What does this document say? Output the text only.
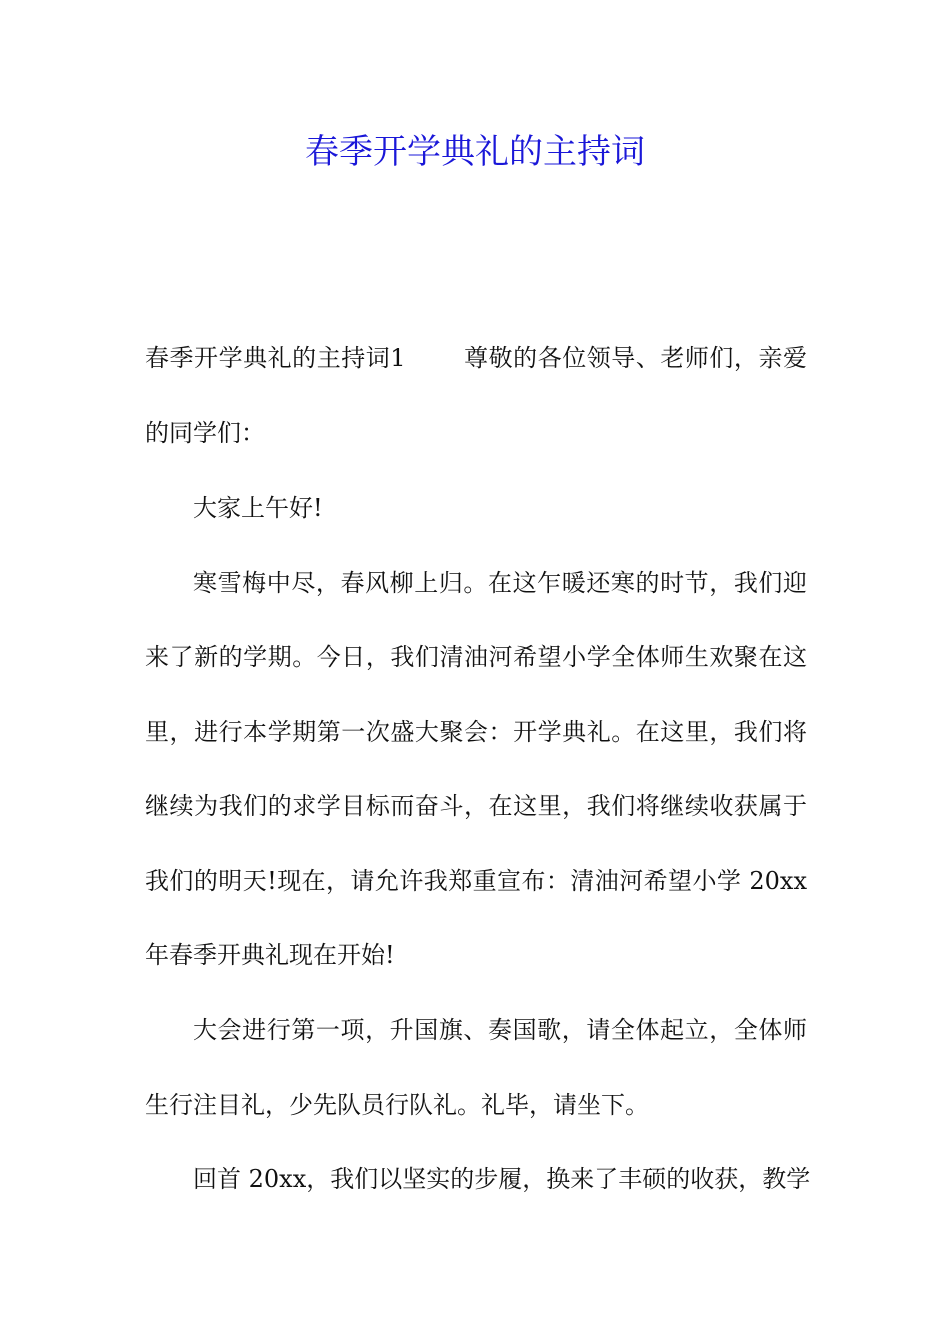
春季开学典礼的主持词
春季开学典礼的主持词1 尊敬的各位领导、老师们，亲爱
的同学们：
大家上午好!
寒雪梅中尽，春风柳上归。在这乍暖还寒的时节，我们迎
来了新的学期。今日，我们清油河希望小学全体师生欢聚在这
里，进行本学期第一次盛大聚会：开学典礼。在这里，我们将
继续为我们的求学目标而奋斗，在这里，我们将继续收获属于
我们的明天!现在，请允许我郑重宣布：清油河希望小学 20xx
年春季开典礼现在开始!
大会进行第一项，升国旗、奏国歌，请全体起立，全体师
生行注目礼，少先队员行队礼。礼毕，请坐下。
回首 20xx，我们以坚实的步履，换来了丰硕的收获，教学
